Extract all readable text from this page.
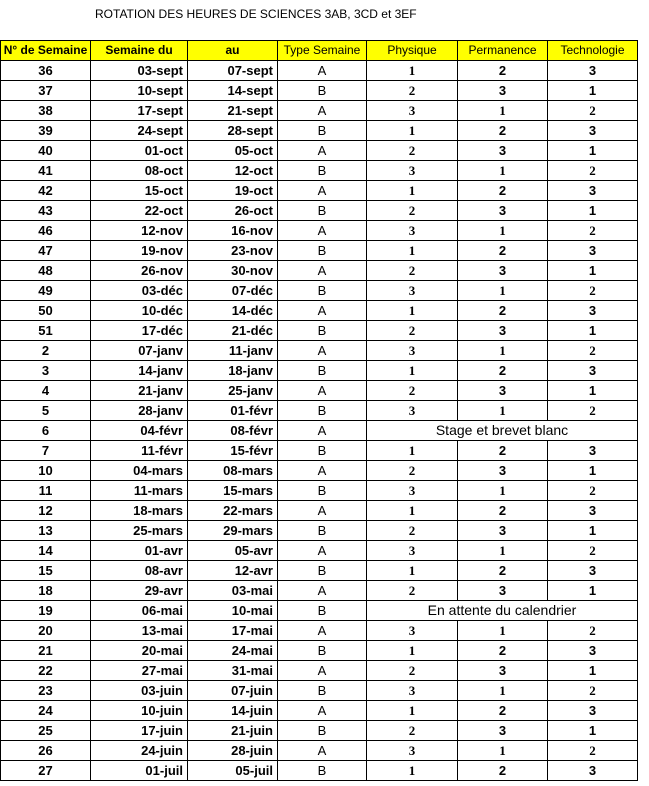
ROTATION DES HEURES DE SCIENCES 3AB, 3CD et 3EF
N° de Semaine	Semaine du	au	Type Semaine	Physique	Permanence	Technologie
36	03-sept	07-sept	A	1	2	3
37	10-sept	14-sept	B	2	3	1
38	17-sept	21-sept	A	3	1	2
39	24-sept	28-sept	B	1	2	3
40	01-oct	05-oct	A	2	3	1
41	08-oct	12-oct	B	3	1	2
42	15-oct	19-oct	A	1	2	3
43	22-oct	26-oct	B	2	3	1
46	12-nov	16-nov	A	3	1	2
47	19-nov	23-nov	B	1	2	3
48	26-nov	30-nov	A	2	3	1
49	03-déc	07-déc	B	3	1	2
50	10-déc	14-déc	A	1	2	3
51	17-déc	21-déc	B	2	3	1
2	07-janv	11-janv	A	3	1	2
3	14-janv	18-janv	B	1	2	3
4	21-janv	25-janv	A	2	3	1
5	28-janv	01-févr	B	3	1	2
6	04-févr	08-févr	A	Stage et brevet blanc		
7	11-févr	15-févr	B	1	2	3
10	04-mars	08-mars	A	2	3	1
11	11-mars	15-mars	B	3	1	2
12	18-mars	22-mars	A	1	2	3
13	25-mars	29-mars	B	2	3	1
14	01-avr	05-avr	A	3	1	2
15	08-avr	12-avr	B	1	2	3
18	29-avr	03-mai	A	2	3	1
19	06-mai	10-mai	B	En attente du calendrier		
20	13-mai	17-mai	A	3	1	2
21	20-mai	24-mai	B	1	2	3
22	27-mai	31-mai	A	2	3	1
23	03-juin	07-juin	B	3	1	2
24	10-juin	14-juin	A	1	2	3
25	17-juin	21-juin	B	2	3	1
26	24-juin	28-juin	A	3	1	2
27	01-juil	05-juil	B	1	2	3
